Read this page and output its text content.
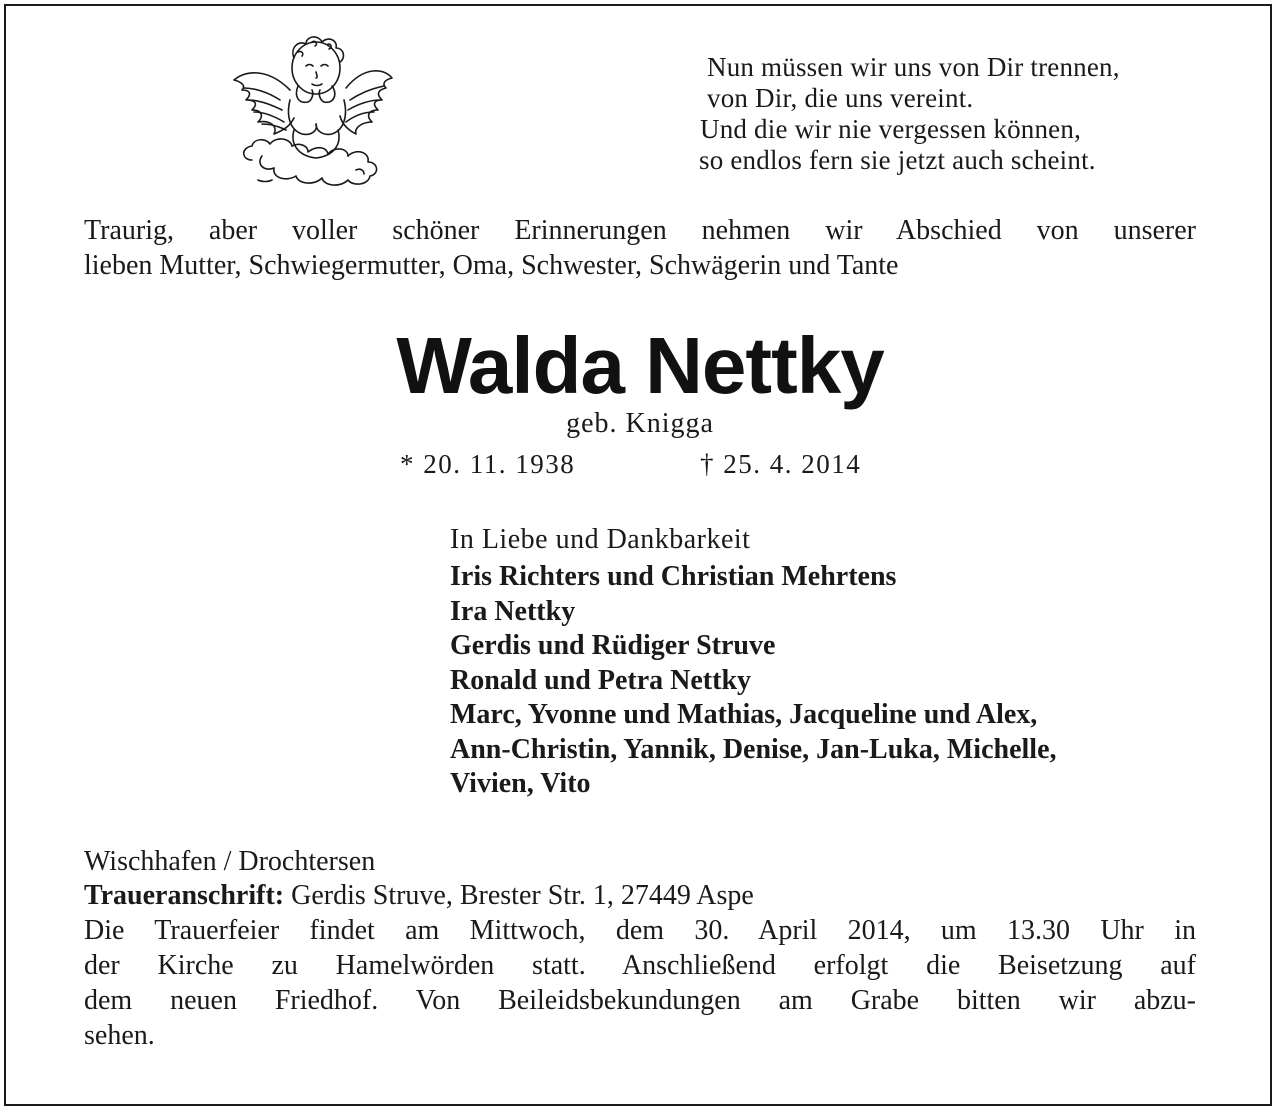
Nun müssen wir uns von Dir trennen,
von Dir, die uns vereint.
Und die wir nie vergessen können,
so endlos fern sie jetzt auch scheint.
Traurig, aber voller schöner Erinnerungen nehmen wir Abschied von unserer
lieben Mutter, Schwiegermutter, Oma, Schwester, Schwägerin und Tante
Walda Nettky
geb. Knigga
* 20. 11. 1938	† 25. 4. 2014
In Liebe und Dankbarkeit
Iris Richters und Christian Mehrtens
Ira Nettky
Gerdis und Rüdiger Struve
Ronald und Petra Nettky
Marc, Yvonne und Mathias, Jacqueline und Alex,
Ann-Christin, Yannik, Denise, Jan-Luka, Michelle,
Vivien, Vito
Wischhafen / Drochtersen
Traueranschrift: Gerdis Struve, Brester Str. 1, 27449 Aspe
Die Trauerfeier findet am Mittwoch, dem 30. April 2014, um 13.30 Uhr in
der Kirche zu Hamelwörden statt. Anschließend erfolgt die Beisetzung auf
dem neuen Friedhof. Von Beileidsbekundungen am Grabe bitten wir abzu-
sehen.
